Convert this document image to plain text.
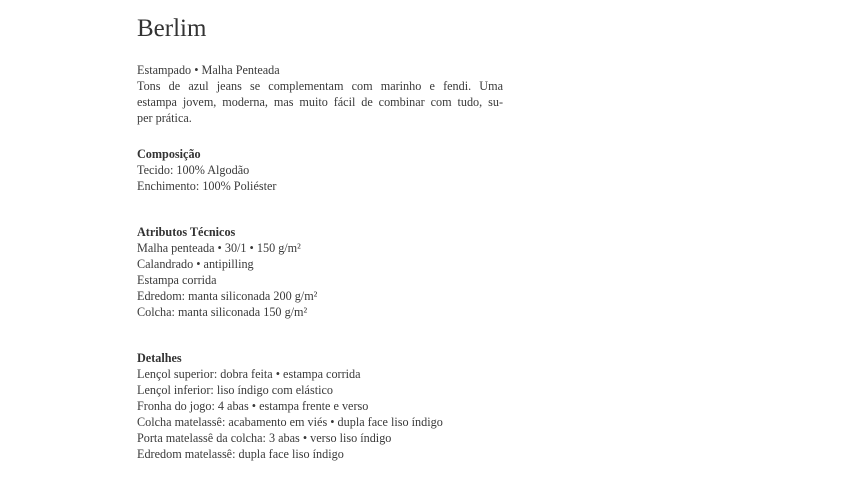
Berlim

Estampado • Malha Penteada

Tons de azul jeans se complementam com marinho e fendi. Uma
estampa jovem, moderna, mas muito fácil de combinar com tudo, su-
per prática.

Composição

Tecido: 100% Algodão

Enchimento: 100% Poliéster

Atributos Técnicos

Malha penteada • 30/1 • 150 g/m²

Calandrado • antipilling

Estampa corrida

Edredom: manta siliconada 200 g/m²

Colcha: manta siliconada 150 g/m²

Detalhes

Lençol superior: dobra feita • estampa corrida

Lençol inferior: liso índigo com elástico

Fronha do jogo: 4 abas • estampa frente e verso

Colcha matelassê: acabamento em viés • dupla face liso índigo

Porta matelassê da colcha: 3 abas • verso liso índigo

Edredom matelassê: dupla face liso índigo
